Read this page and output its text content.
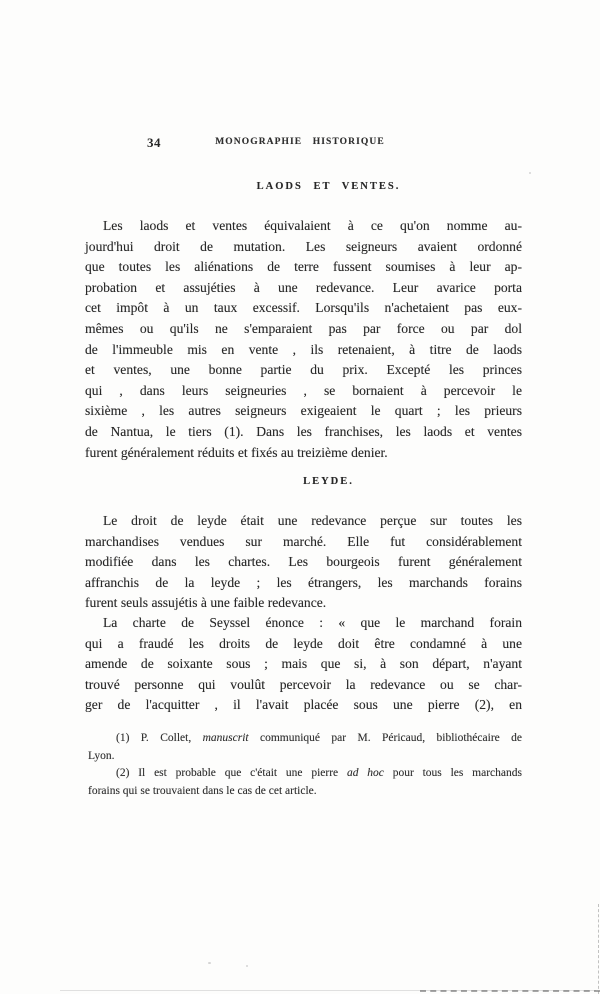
34	MONOGRAPHIE HISTORIQUE
LAODS ET VENTES.
Les laods et ventes équivalaient à ce qu'on nomme au-
jourd'hui droit de mutation. Les seigneurs avaient ordonné
que toutes les aliénations de terre fussent soumises à leur ap-
probation et assujéties à une redevance. Leur avarice porta
cet impôt à un taux excessif. Lorsqu'ils n'achetaient pas eux-
mêmes ou qu'ils ne s'emparaient pas par force ou par dol
de l'immeuble mis en vente , ils retenaient, à titre de laods
et ventes, une bonne partie du prix. Excepté les princes
qui , dans leurs seigneuries , se bornaient à percevoir le
sixième , les autres seigneurs exigeaient le quart ; les prieurs
de Nantua, le tiers (1). Dans les franchises, les laods et ventes
furent généralement réduits et fixés au treizième denier.
LEYDE.
Le droit de leyde était une redevance perçue sur toutes les
marchandises vendues sur marché. Elle fut considérablement
modifiée dans les chartes. Les bourgeois furent généralement
affranchis de la leyde ; les étrangers, les marchands forains
furent seuls assujétis à une faible redevance.
La charte de Seyssel énonce : « que le marchand forain
qui a fraudé les droits de leyde doit être condamné à une
amende de soixante sous ; mais que si, à son départ, n'ayant
trouvé personne qui voulût percevoir la redevance ou se char-
ger de l'acquitter , il l'avait placée sous une pierre (2), en
(1) P. Collet, manuscrit communiqué par M. Péricaud, bibliothécaire de
Lyon.
(2) Il est probable que c'était une pierre ad hoc pour tous les marchands
forains qui se trouvaient dans le cas de cet article.
